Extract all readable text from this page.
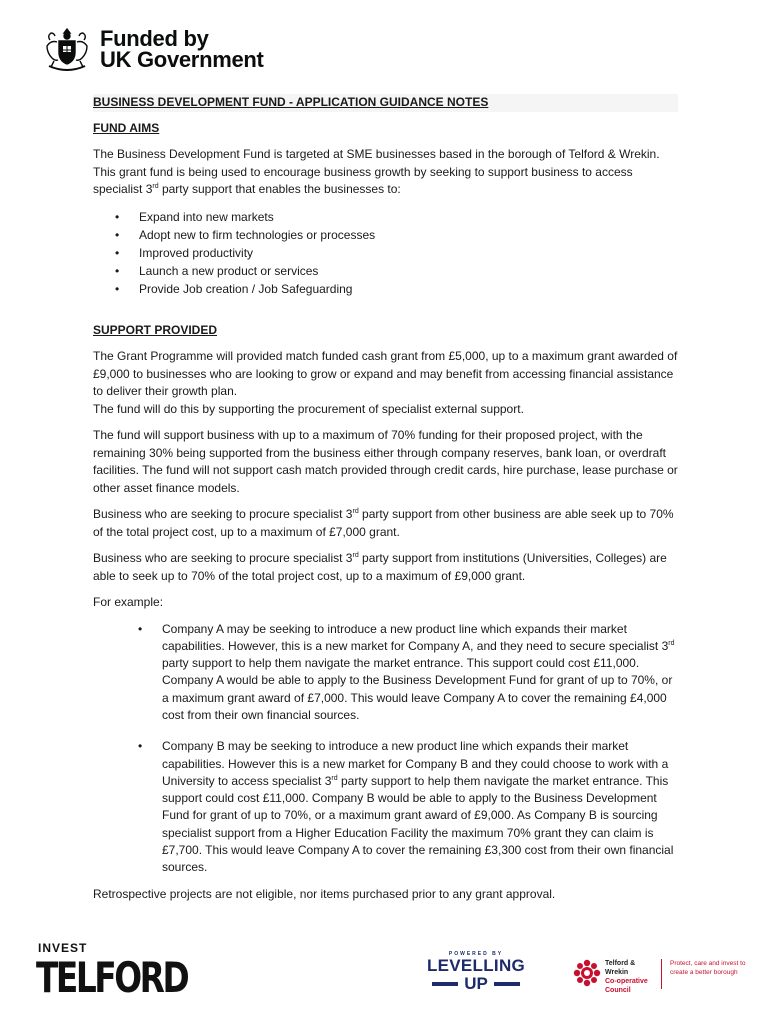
Funded by
UK Government
BUSINESS DEVELOPMENT FUND - APPLICATION GUIDANCE NOTES
FUND AIMS

The Business Development Fund is targeted at SME businesses based in the borough of Telford & Wrekin. This grant fund is being used to encourage business growth by seeking to support business to access specialist 3rd party support that enables the businesses to:

• Expand into new markets
• Adopt new to firm technologies or processes
• Improved productivity
• Launch a new product or services
• Provide Job creation / Job Safeguarding
SUPPORT PROVIDED

The Grant Programme will provided match funded cash grant from £5,000, up to a maximum grant awarded of £9,000 to businesses who are looking to grow or expand and may benefit from accessing financial assistance to deliver their growth plan.
The fund will do this by supporting the procurement of specialist external support.

The fund will support business with up to a maximum of 70% funding for their proposed project, with the remaining 30% being supported from the business either through company reserves, bank loan, or overdraft facilities. The fund will not support cash match provided through credit cards, hire purchase, lease purchase or other asset finance models.

Business who are seeking to procure specialist 3rd party support from other business are able seek up to 70% of the total project cost, up to a maximum of £7,000 grant.

Business who are seeking to procure specialist 3rd party support from institutions (Universities, Colleges) are able to seek up to 70% of the total project cost, up to a maximum of £9,000 grant.

For example:

• Company A may be seeking to introduce a new product line which expands their market capabilities. However, this is a new market for Company A, and they need to secure specialist 3rd party support to help them navigate the market entrance. This support could cost £11,000. Company A would be able to apply to the Business Development Fund for grant of up to 70%, or a maximum grant award of £7,000. This would leave Company A to cover the remaining £4,000 cost from their own financial sources.
• Company B may be seeking to introduce a new product line which expands their market capabilities. However this is a new market for Company B and they could choose to work with a University to access specialist 3rd party support to help them navigate the market entrance. This support could cost £11,000. Company B would be able to apply to the Business Development Fund for grant of up to 70%, or a maximum grant award of £9,000. As Company B is sourcing specialist support from a Higher Education Facility the maximum 70% grant they can claim is £7,700. This would leave Company A to cover the remaining £3,300 cost from their own financial sources.

Retrospective projects are not eligible, nor items purchased prior to any grant approval.

INVEST
TELFORD	POWERED BY
LEVELLING
UP
Telford & Wrekin
Co-operative Council
Protect, care and invest to create a better borough
